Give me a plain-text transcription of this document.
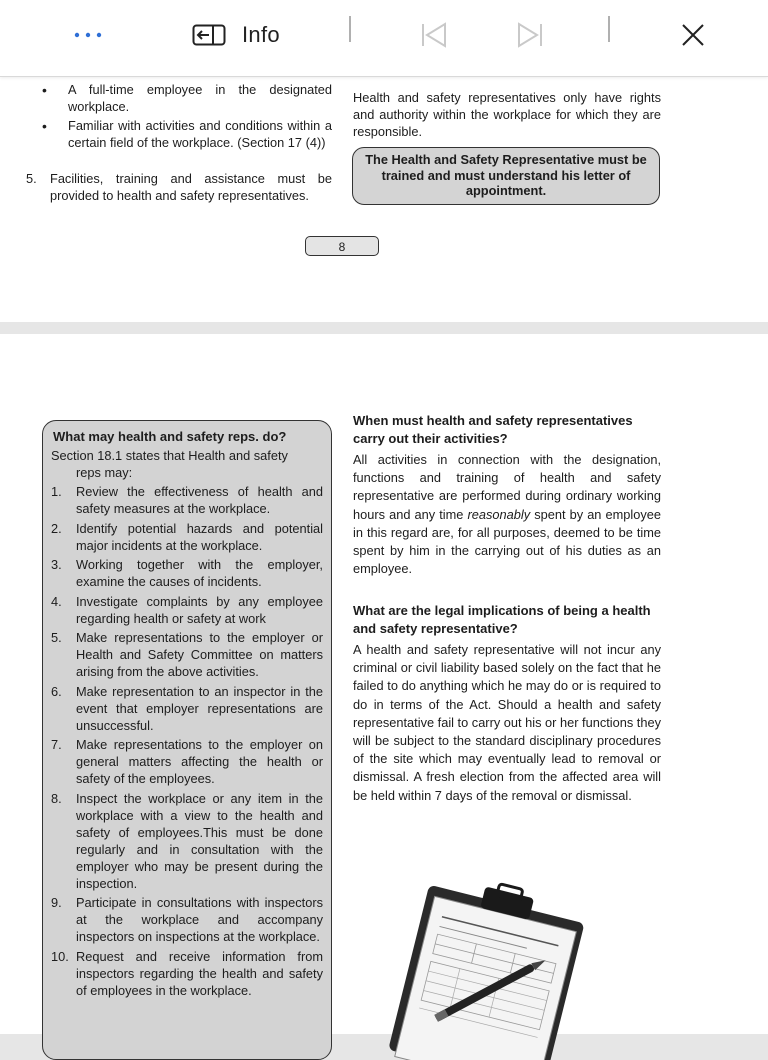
Info
• A full-time employee in the designated workplace.
• Familiar with activities and conditions within a certain field of the workplace. (Section 17 (4))
5. Facilities, training and assistance must be provided to health and safety representatives.
Health and safety representatives only have rights and authority within the workplace for which they are responsible.
The Health and Safety Representative must be trained and must understand his letter of appointment.
8
What may health and safety reps. do?
Section 18.1 states that Health and safety
reps may:
1. Review the effectiveness of health and safety measures at the workplace.
2. Identify potential hazards and potential major incidents at the workplace.
3. Working together with the employer, examine the causes of incidents.
4. Investigate complaints by any employee regarding health or safety at work
5. Make representations to the employer or Health and Safety Committee on matters arising from the above activities.
6. Make representation to an inspector in the event that employer representations are unsuccessful.
7. Make representations to the employer on general matters affecting the health or safety of the employees.
8. Inspect the workplace or any item in the workplace with a view to the health and safety of employees.This must be done regularly and in consultation with the employer who may be present during the inspection.
9. Participate in consultations with inspectors at the workplace and accompany inspectors on inspections at the workplace.
10. Request and receive information from inspectors regarding the health and safety of employees in the workplace.
When must health and safety representatives carry out their activities?

All activities in connection with the designation, functions and training of health and safety representative are performed during ordinary working hours and any time reasonably spent by an employee in this regard are, for all purposes, deemed to be time spent by him in the carrying out of his duties as an employee.

What are the legal implications of being a health and safety representative?

A health and safety representative will not incur any criminal or civil liability based solely on the fact that he failed to do anything which he may do or is required to do in terms of the Act. Should a health and safety representative fail to carry out his or her functions they will be subject to the standard disciplinary procedures of the site which may eventually lead to removal or dismissal. A fresh election from the affected area will be held within 7 days of the removal or dismissal.
